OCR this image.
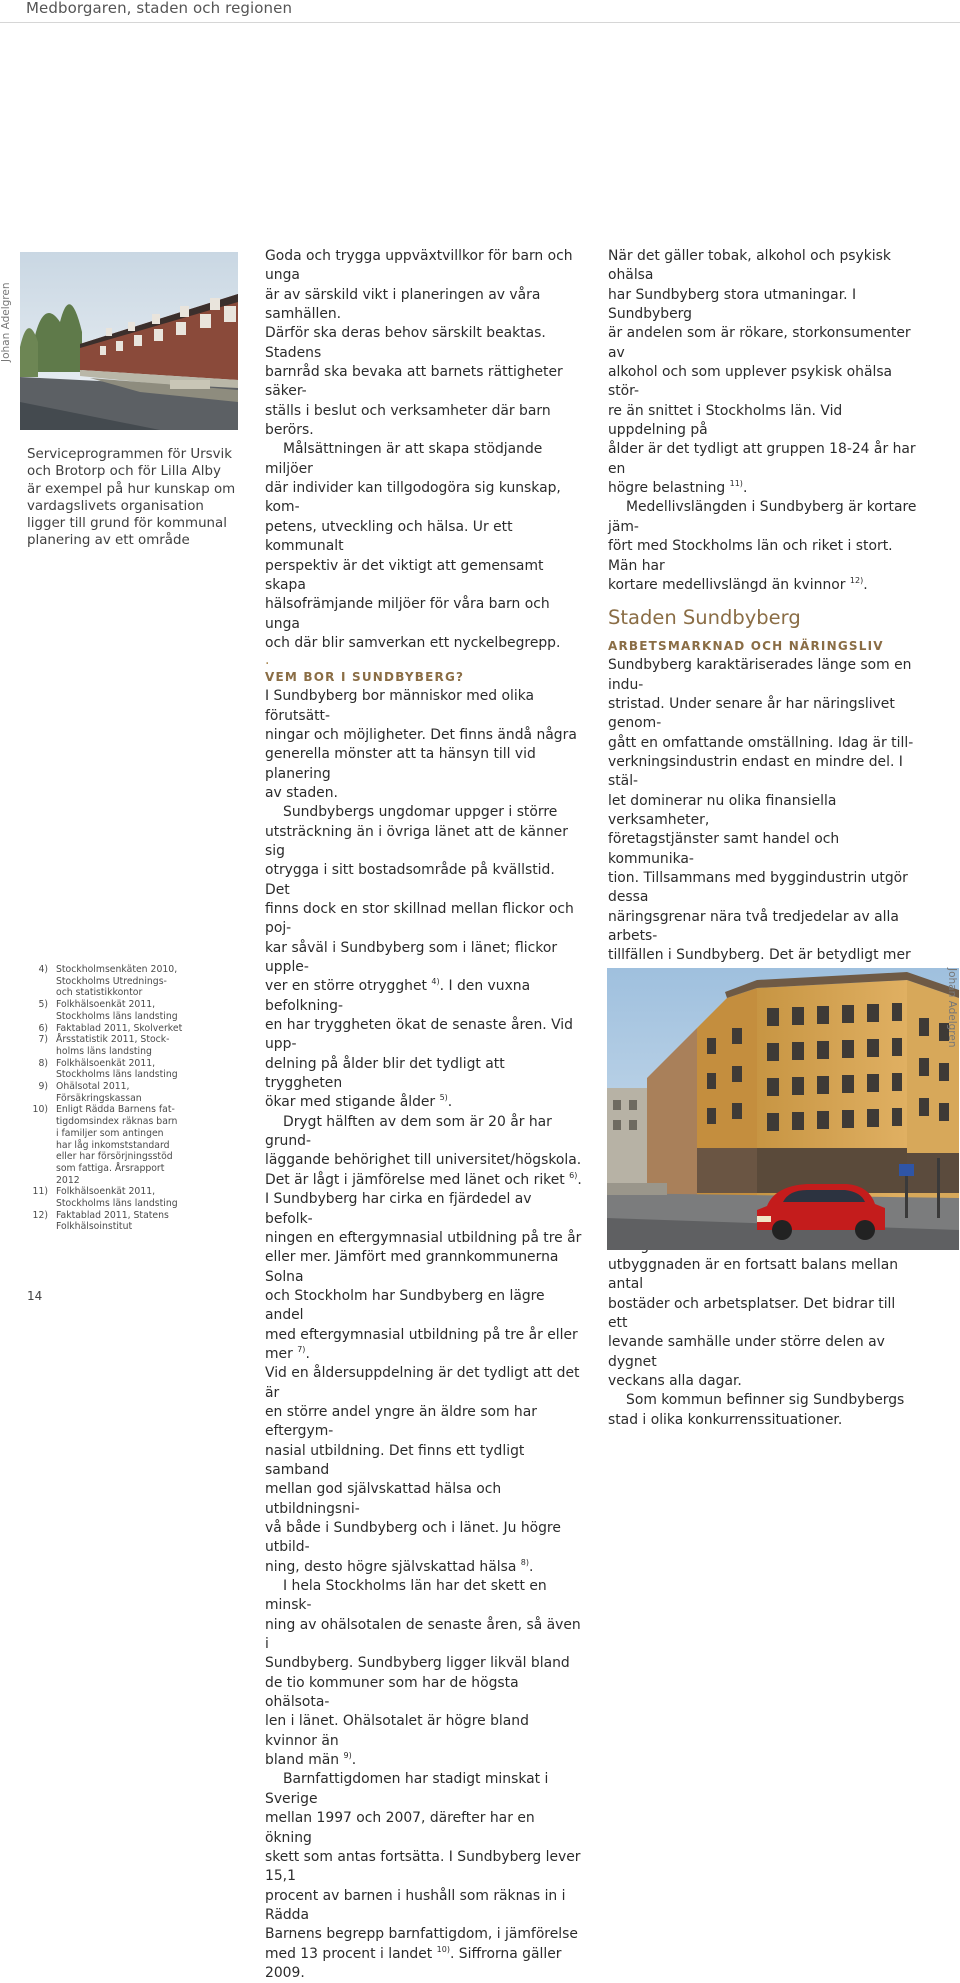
Medborgaren, staden och regionen
Johan Adelgren
Serviceprogrammen för Ursvik och Brotorp och för Lilla Alby är exempel på hur kunskap om vardagslivets organisation ligger till grund för kommunal planering av ett område
4) Stockholmsenkäten 2010,
Stockholms Utrednings-
och statistikkontor
5) Folkhälsoenkät 2011,
Stockholms läns landsting
6) Faktablad 2011, Skolverket
7) Årsstatistik 2011, Stock-
holms läns landsting
8) Folkhälsoenkät 2011,
Stockholms läns landsting
9) Ohälsotal 2011,
Försäkringskassan
10) Enligt Rädda Barnens fat-
tigdomsindex räknas barn
i familjer som antingen
har låg inkomststandard
eller har försörjningsstöd
som fattiga. Årsrapport
2012
11) Folkhälsoenkät 2011,
Stockholms läns landsting
12) Faktablad 2011, Statens
Folkhälsoinstitut

Goda och trygga uppväxtvillkor för barn och unga
är av särskild vikt i planeringen av våra samhällen.
Därför ska deras behov särskilt beaktas. Stadens
barnråd ska bevaka att barnets rättigheter säker-
ställs i beslut och verksamheter där barn berörs.

Målsättningen är att skapa stödjande miljöer
där individer kan tillgodogöra sig kunskap, kom-
petens, utveckling och hälsa. Ur ett kommunalt
perspektiv är det viktigt att gemensamt skapa
hälsofrämjande miljöer för våra barn och unga
och där blir samverkan ett nyckelbegrepp.

.

VEM BOR I SUNDBYBERG?

I Sundbyberg bor människor med olika förutsätt-
ningar och möjligheter. Det finns ändå några
generella mönster att ta hänsyn till vid planering
av staden.

Sundbybergs ungdomar uppger i större
utsträckning än i övriga länet att de känner sig
otrygga i sitt bostadsområde på kvällstid. Det
finns dock en stor skillnad mellan flickor och poj-
kar såväl i Sundbyberg som i länet; flickor upple-
ver en större otrygghet $^{4)}$. I den vuxna befolkning-
en har tryggheten ökat de senaste åren. Vid upp-
delning på ålder blir det tydligt att tryggheten
ökar med stigande ålder $^{5)}$.

Drygt hälften av dem som är 20 år har grund-
läggande behörighet till universitet/högskola.
Det är lågt i jämförelse med länet och riket $^{6)}$.
I Sundbyberg har cirka en fjärdedel av befolk-
ningen en eftergymnasial utbildning på tre år
eller mer. Jämfört med grannkommunerna Solna
och Stockholm har Sundbyberg en lägre andel
med eftergymnasial utbildning på tre år eller mer $^{7)}$.
Vid en åldersuppdelning är det tydligt att det är
en större andel yngre än äldre som har eftergym-
nasial utbildning. Det finns ett tydligt samband
mellan god självskattad hälsa och utbildningsni-
vå både i Sundbyberg och i länet. Ju högre utbild-
ning, desto högre självskattad hälsa $^{8)}$.

I hela Stockholms län har det skett en minsk-
ning av ohälsotalen de senaste åren, så även i
Sundbyberg. Sundbyberg ligger likväl bland
de tio kommuner som har de högsta ohälsota-
len i länet. Ohälsotalet är högre bland kvinnor än
bland män $^{9)}$.

Barnfattigdomen har stadigt minskat i Sverige
mellan 1997 och 2007, därefter har en ökning
skett som antas fortsätta. I Sundbyberg lever 15,1
procent av barnen i hushåll som räknas in i Rädda
Barnens begrepp barnfattigdom, i jämförelse
med 13 procent i landet $^{10)}$. Siffrorna gäller 2009.

När det gäller tobak, alkohol och psykisk ohälsa
har Sundbyberg stora utmaningar. I Sundbyberg
är andelen som är rökare, storkonsumenter av
alkohol och som upplever psykisk ohälsa stör-
re än snittet i Stockholms län. Vid uppdelning på
ålder är det tydligt att gruppen 18-24 år har en
högre belastning $^{11)}$.

Medellivslängden i Sundbyberg är kortare jäm-
fört med Stockholms län och riket i stort. Män har
kortare medellivslängd än kvinnor $^{12)}$.

Staden Sundbyberg
ARBETSMARKNAD OCH NÄRINGSLIV

Sundbyberg karaktäriserades länge som en indu-
stristad. Under senare år har näringslivet genom-
gått en omfattande omställning. Idag är till-
verkningsindustrin endast en mindre del. I stäl-
let dominerar nu olika finansiella verksamheter,
företagstjänster samt handel och kommunika-
tion. Tillsammans med byggindustrin utgör dessa
näringsgrenar nära två tredjedelar av alla arbets-
tillfällen i Sundbyberg. Det är betydligt mer

utbyggnaden är en fortsatt balans mellan antal
bostäder och arbetsplatser. Det bidrar till ett
levande samhälle under större delen av dygnet
veckans alla dagar.

Som kommun befinner sig Sundbybergs
stad i olika konkurrenssituationer.

Johan Adelgren
14
